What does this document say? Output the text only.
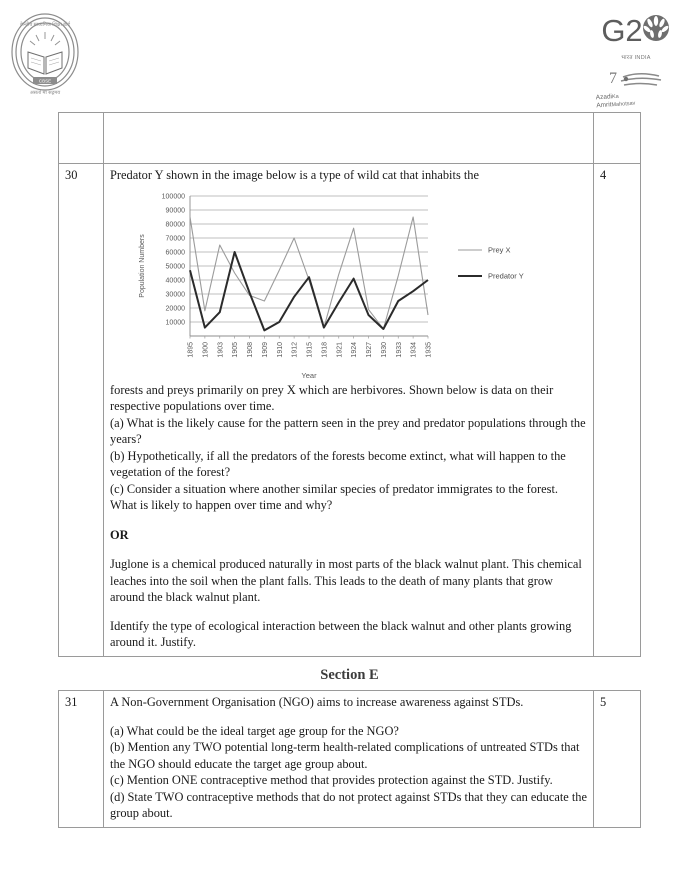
केन्द्रीय माध्यमिक शिक्षा बोर्ड
CBSE
असतो मा सद्गमय
G2
भारत INDIA
7
AzadiKa
AmritMahotsav

30	Predator Y shown in the image below is a type of wild cat that inhabits the

10000
20000
30000
40000
50000
60000
70000
80000
90000
100000
Population Numbers
1895 1900 1903 1905 1908 1909 1910 1912 1915 1918 1921 1924 1927 1930 1933 1934 1935
Year
Prey X
Predator Y

forests and preys primarily on prey X which are herbivores. Shown below is data on their respective populations over time.

(a) What is the likely cause for the pattern seen in the prey and predator populations through the years?

(b) Hypothetically, if all the predators of the forests become extinct, what will happen to the vegetation of the forest?

(c) Consider a situation where another similar species of predator immigrates to the forest. What is likely to happen over time and why?

OR

Juglone is a chemical produced naturally in most parts of the black walnut plant. This chemical leaches into the soil when the plant falls. This leads to the death of many plants that grow around the black walnut plant.

Identify the type of ecological interaction between the black walnut and other plants growing around it. Justify.

	4
Section E
31	A Non-Government Organisation (NGO) aims to increase awareness against STDs.

(a) What could be the ideal target age group for the NGO?

(b) Mention any TWO potential long-term health-related complications of untreated STDs that the NGO should educate the target age group about.

(c) Mention ONE contraceptive method that provides protection against the STD. Justify.

(d) State TWO contraceptive methods that do not protect against STDs that they can educate the group about.

	5
